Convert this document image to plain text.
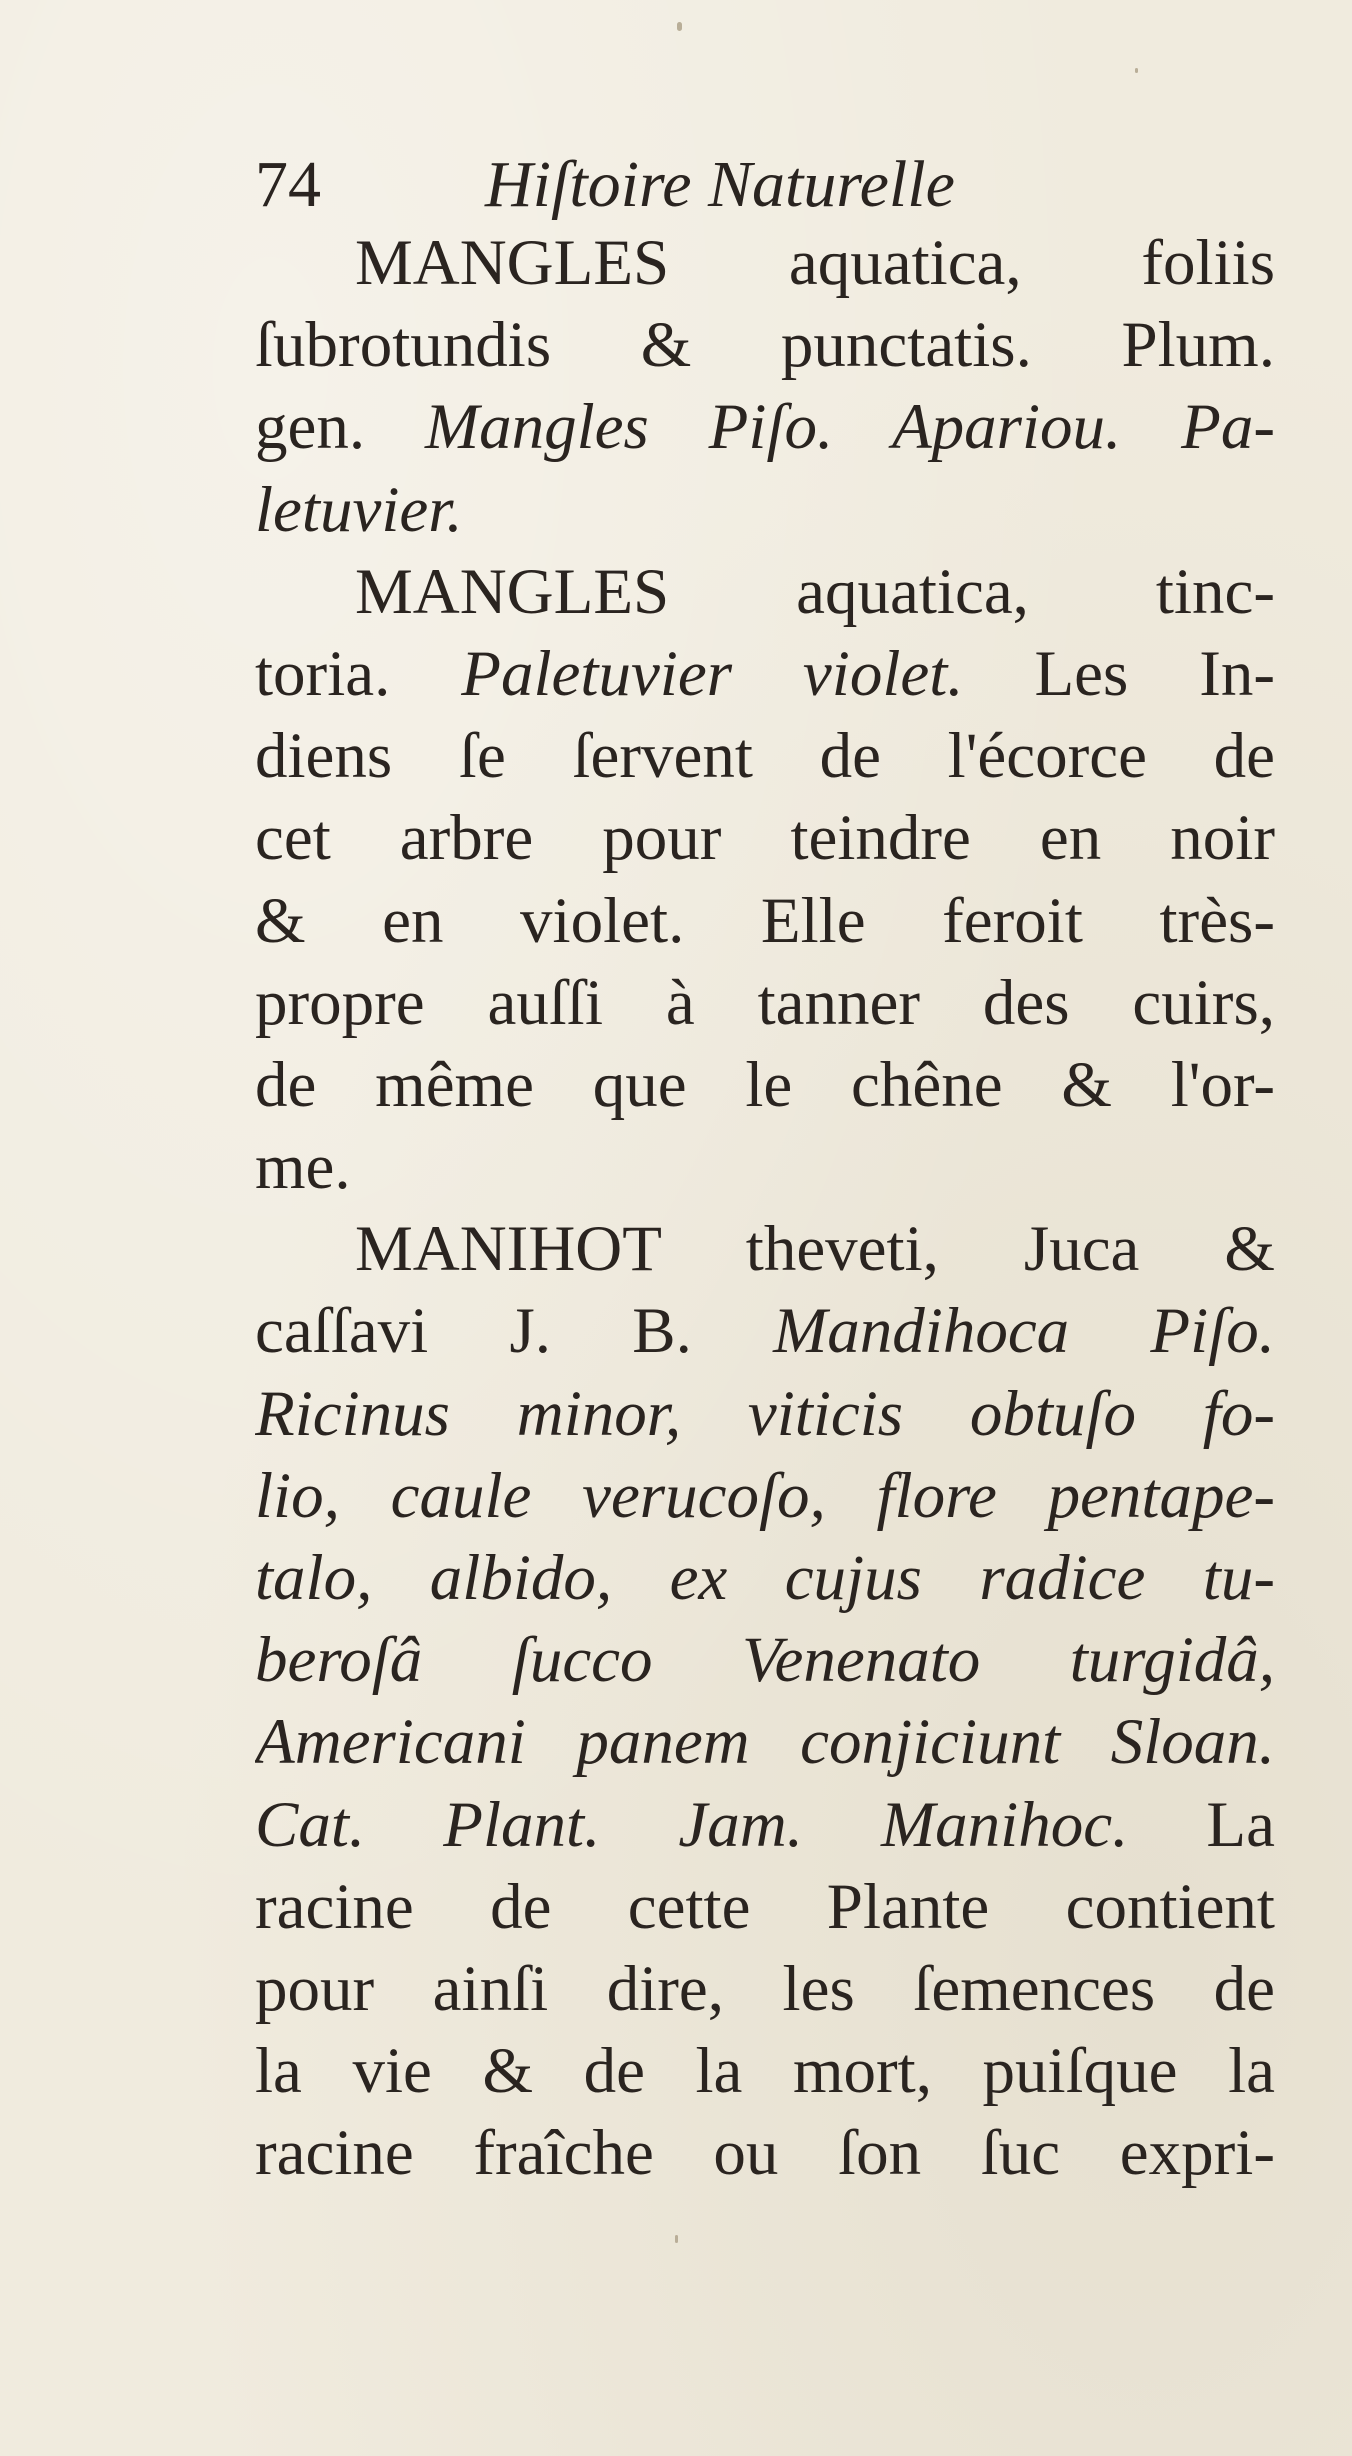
74 Hiſtoire Naturelle
MANGLES aquatica, foliis
ſubrotundis & punctatis. Plum.
gen. Mangles Piſo. Apariou. Pa-
letuvier.
MANGLES aquatica, tinc-
toria. Paletuvier violet. Les In-
diens ſe ſervent de l'écorce de
cet arbre pour teindre en noir
& en violet. Elle feroit très-
propre auſſi à tanner des cuirs,
de même que le chêne & l'or-
me.
MANIHOT theveti, Juca &
caſſavi J. B. Mandihoca Piſo.
Ricinus minor, viticis obtuſo fo-
lio, caule verucoſo, flore pentape-
talo, albido, ex cujus radice tu-
beroſâ ſucco Venenato turgidâ,
Americani panem conjiciunt Sloan.
Cat. Plant. Jam. Manihoc. La
racine de cette Plante contient
pour ainſi dire, les ſemences de
la vie & de la mort, puiſque la
racine fraîche ou ſon ſuc expri-
